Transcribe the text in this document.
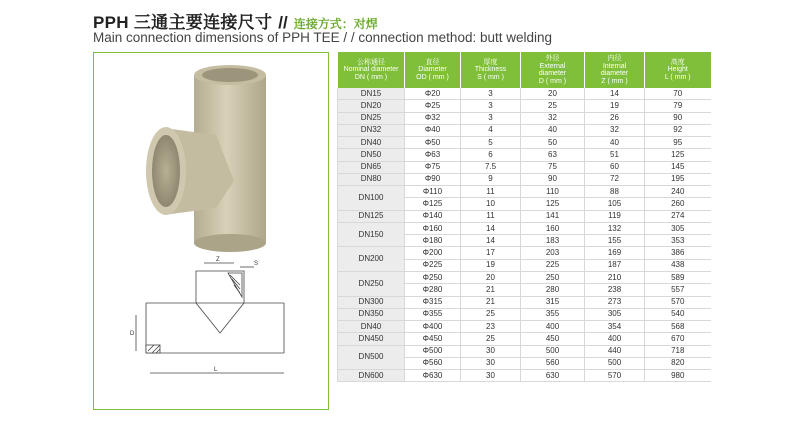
PPH 三通主要连接尺寸 // 连接方式：对焊
Main connection dimensions of PPH TEE / / connection method: butt welding
Z
S
D
L
公称通径
Nominal diameter
DN ( mm )	直径
Diameter
OD ( mm )	厚度
Thickness
S ( mm )	外径
External
diameter
D ( mm )	内径
Internal
diameter
Z ( mm )	高度
Height
L ( mm )

DN15	Φ20	3	20	14	70
DN20	Φ25	3	25	19	79
DN25	Φ32	3	32	26	90
DN32	Φ40	4	40	32	92
DN40	Φ50	5	50	40	95
DN50	Φ63	6	63	51	125
DN65	Φ75	7.5	75	60	145
DN80	Φ90	9	90	72	195
DN100	Φ110	11	110	88	240
	Φ125	10	125	105	260
DN125	Φ140	11	141	119	274
DN150	Φ160	14	160	132	305
	Φ180	14	183	155	353
DN200	Φ200	17	203	169	386
	Φ225	19	225	187	438
DN250	Φ250	20	250	210	589
	Φ280	21	280	238	557
DN300	Φ315	21	315	273	570
DN350	Φ355	25	355	305	540
DN40	Φ400	23	400	354	568
DN450	Φ450	25	450	400	670
DN500	Φ500	30	500	440	718
	Φ560	30	560	500	820
DN600	Φ630	30	630	570	980
